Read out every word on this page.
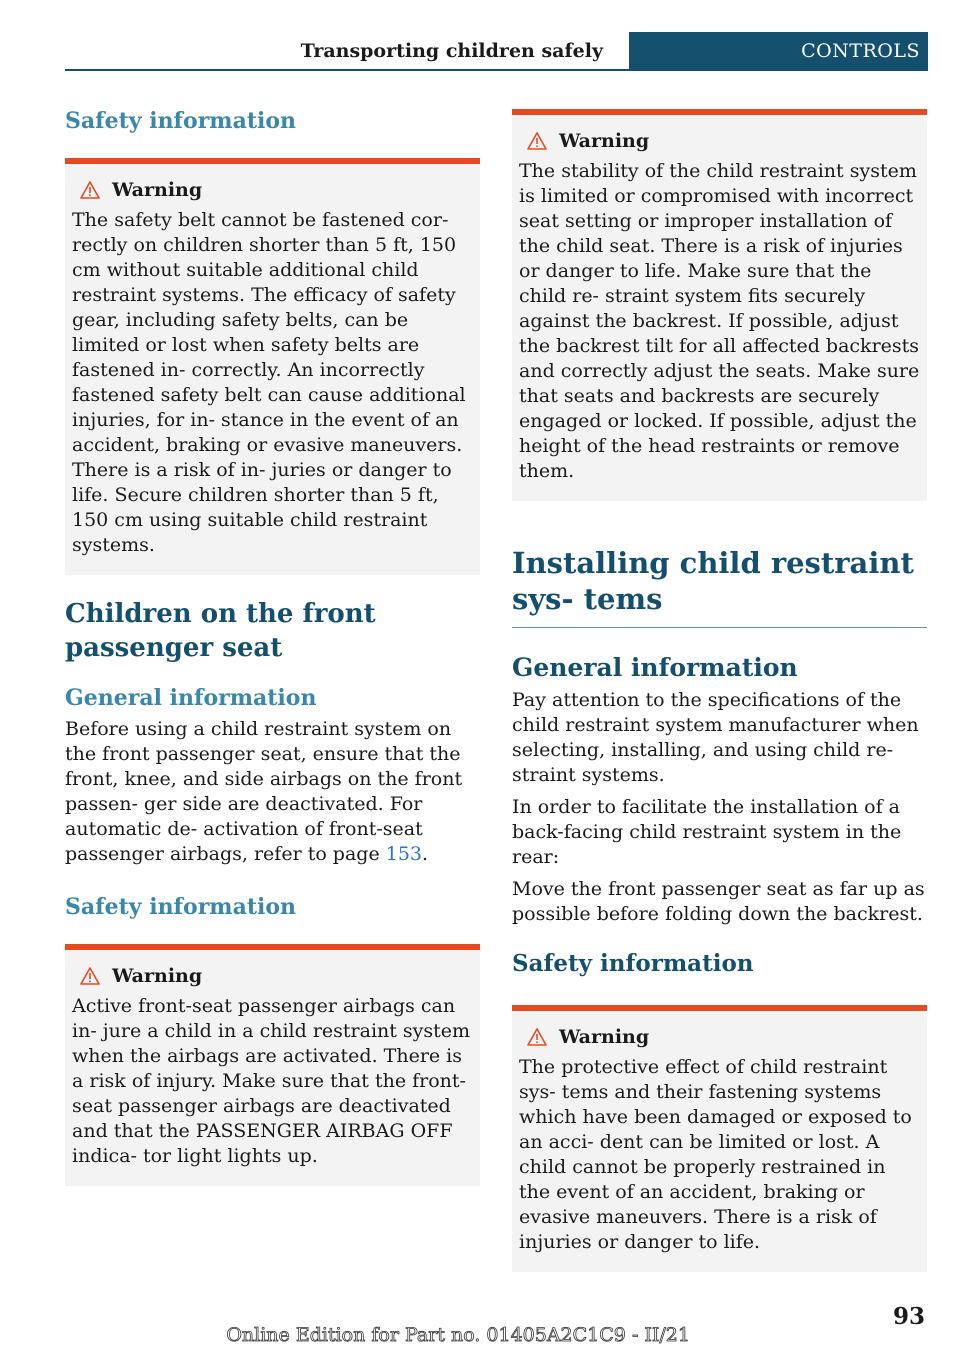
Transporting children safely	CONTROLS

Safety information

Warning

The safety belt cannot be fastened cor- rectly on children shorter than 5 ft, 150 cm without suitable additional child restraint systems. The efficacy of safety gear, including safety belts, can be limited or lost when safety belts are fastened in- correctly. An incorrectly fastened safety belt can cause additional injuries, for in- stance in the event of an accident, braking or evasive maneuvers. There is a risk of in- juries or danger to life. Secure children shorter than 5 ft, 150 cm using suitable child restraint systems.

Children on the front passenger seat

General information

Before using a child restraint system on the front passenger seat, ensure that the front, knee, and side airbags on the front passen- ger side are deactivated. For automatic de- activation of front-seat passenger airbags, refer to page 153.

Safety information

Warning

Active front-seat passenger airbags can in- jure a child in a child restraint system when the airbags are activated. There is a risk of injury. Make sure that the front- seat passenger airbags are deactivated and that the PASSENGER AIRBAG OFF indica- tor light lights up.

Warning

The stability of the child restraint system is limited or compromised with incorrect seat setting or improper installation of the child seat. There is a risk of injuries or danger to life. Make sure that the child re- straint system fits securely against the backrest. If possible, adjust the backrest tilt for all affected backrests and correctly adjust the seats. Make sure that seats and backrests are securely engaged or locked. If possible, adjust the height of the head restraints or remove them.

Installing child restraint sys- tems

General information

Pay attention to the specifications of the child restraint system manufacturer when selecting, installing, and using child re- straint systems.

In order to facilitate the installation of a back-facing child restraint system in the rear:

Move the front passenger seat as far up as possible before folding down the backrest.

Safety information

Warning

The protective effect of child restraint sys- tems and their fastening systems which have been damaged or exposed to an acci- dent can be limited or lost. A child cannot be properly restrained in the event of an accident, braking or evasive maneuvers. There is a risk of injuries or danger to life.

Online Edition for Part no. 01405A2C1C9 - II/21
93
